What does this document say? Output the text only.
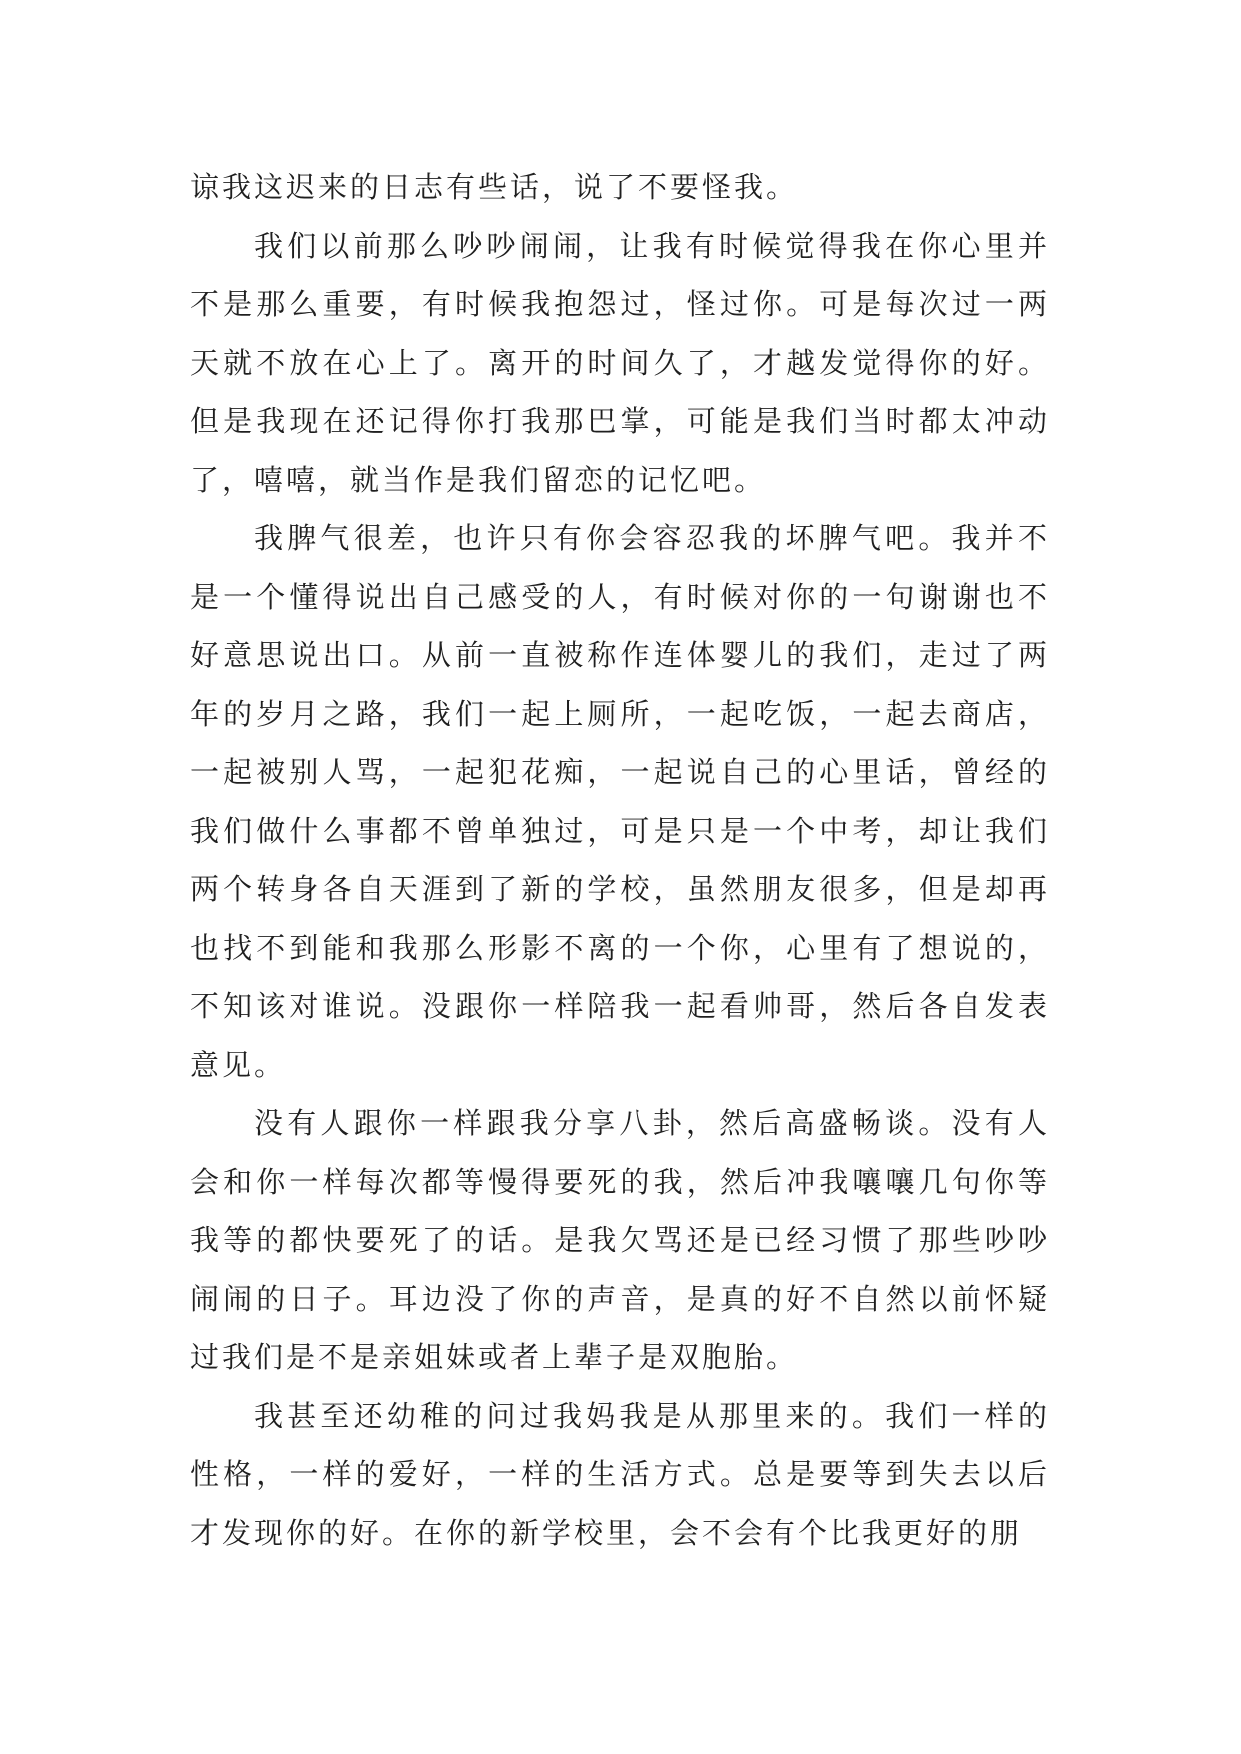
谅我这迟来的日志有些话，说了不要怪我。

我们以前那么吵吵闹闹，让我有时候觉得我在你心里并不是那么重要，有时候我抱怨过，怪过你。可是每次过一两天就不放在心上了。离开的时间久了，才越发觉得你的好。但是我现在还记得你打我那巴掌，可能是我们当时都太冲动了，嘻嘻，就当作是我们留恋的记忆吧。

我脾气很差，也许只有你会容忍我的坏脾气吧。我并不是一个懂得说出自己感受的人，有时候对你的一句谢谢也不好意思说出口。从前一直被称作连体婴儿的我们，走过了两年的岁月之路，我们一起上厕所，一起吃饭，一起去商店，一起被别人骂，一起犯花痴，一起说自己的心里话，曾经的我们做什么事都不曾单独过，可是只是一个中考，却让我们两个转身各自天涯到了新的学校，虽然朋友很多，但是却再也找不到能和我那么形影不离的一个你，心里有了想说的，不知该对谁说。没跟你一样陪我一起看帅哥，然后各自发表意见。

没有人跟你一样跟我分享八卦，然后高盛畅谈。没有人会和你一样每次都等慢得要死的我，然后冲我嚷嚷几句你等我等的都快要死了的话。是我欠骂还是已经习惯了那些吵吵闹闹的日子。耳边没了你的声音，是真的好不自然以前怀疑过我们是不是亲姐妹或者上辈子是双胞胎。

我甚至还幼稚的问过我妈我是从那里来的。我们一样的性格，一样的爱好，一样的生活方式。总是要等到失去以后才发现你的好。在你的新学校里，会不会有个比我更好的朋
